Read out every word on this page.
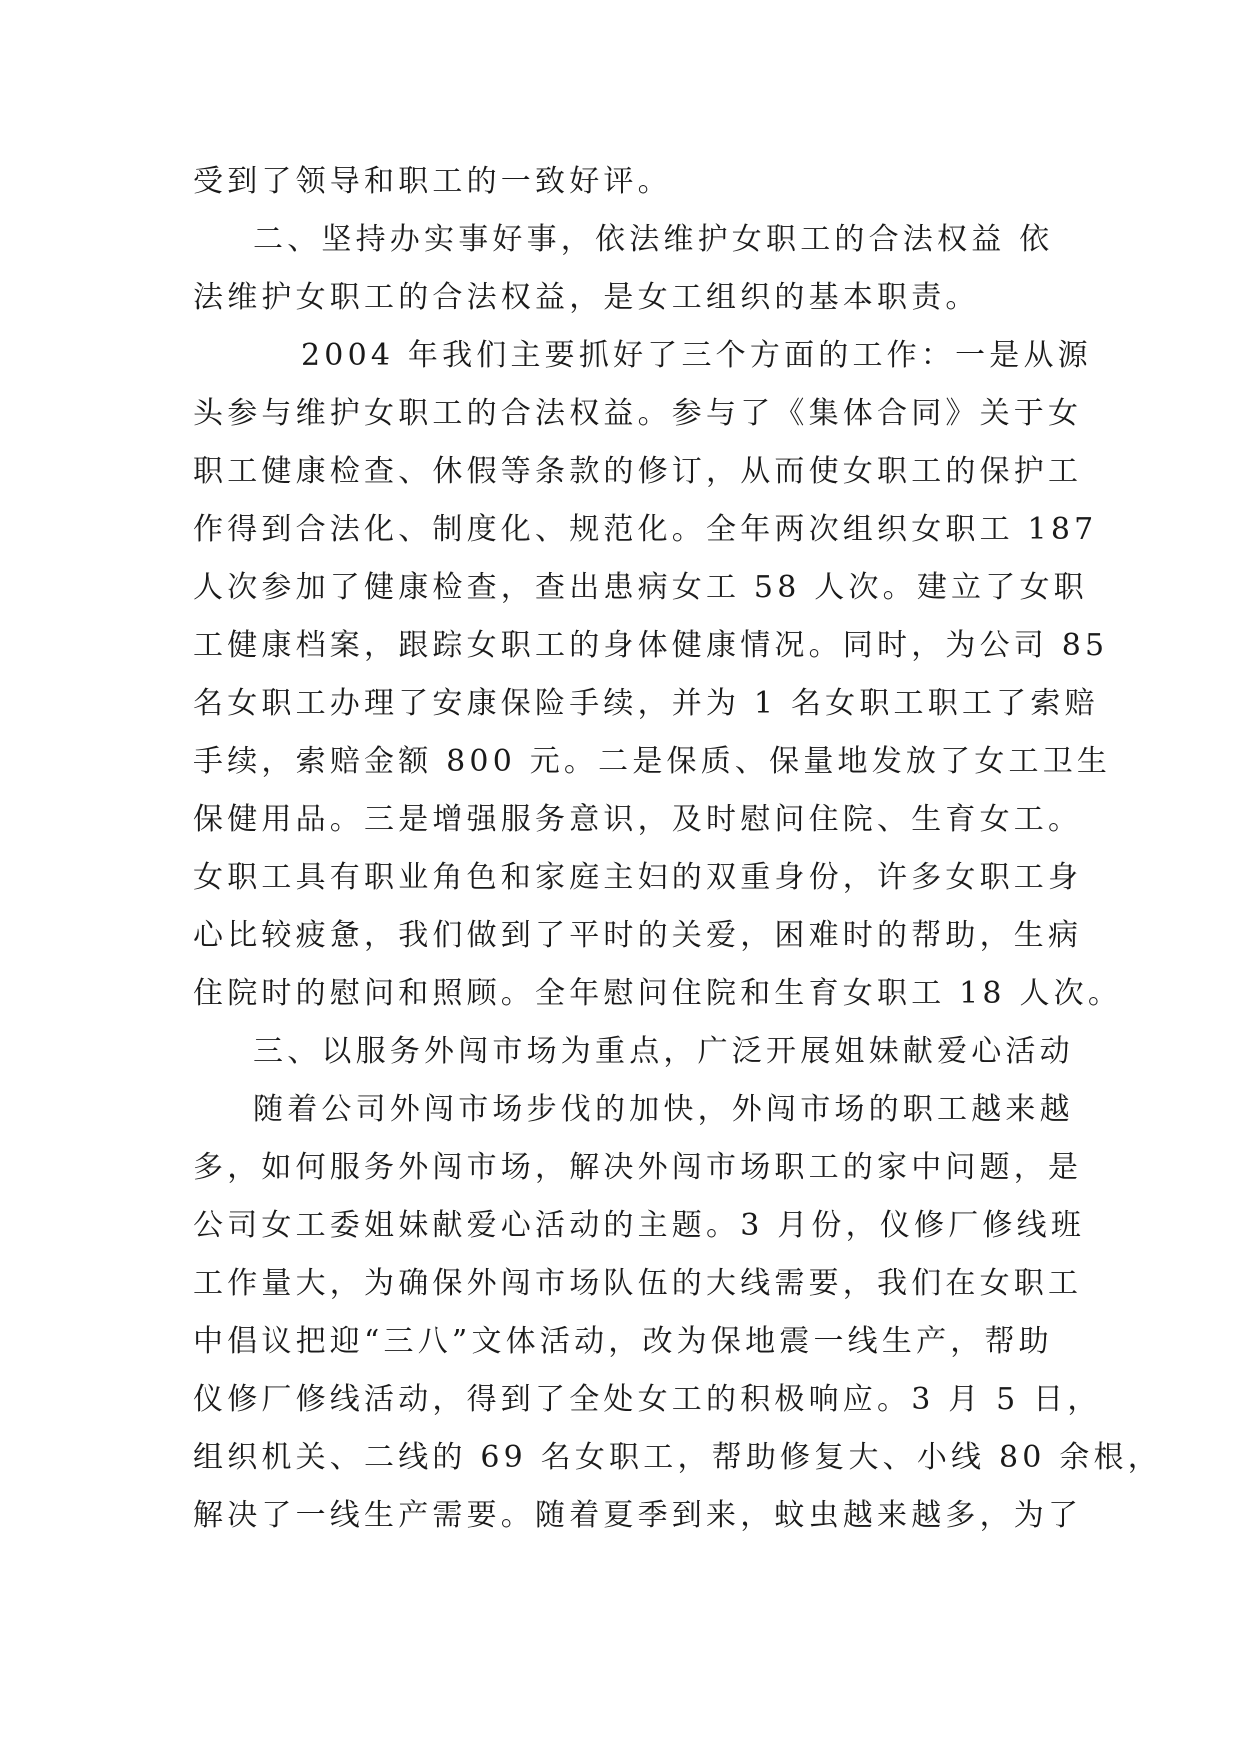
受到了领导和职工的一致好评。
二、坚持办实事好事，依法维护女职工的合法权益 依
法维护女职工的合法权益，是女工组织的基本职责。
2004 年我们主要抓好了三个方面的工作：一是从源
头参与维护女职工的合法权益。参与了《集体合同》关于女
职工健康检查、休假等条款的修订，从而使女职工的保护工
作得到合法化、制度化、规范化。全年两次组织女职工 187
人次参加了健康检查，查出患病女工 58 人次。建立了女职
工健康档案，跟踪女职工的身体健康情况。同时，为公司 85
名女职工办理了安康保险手续，并为 1 名女职工职工了索赔
手续，索赔金额 800 元。二是保质、保量地发放了女工卫生
保健用品。三是增强服务意识，及时慰问住院、生育女工。
女职工具有职业角色和家庭主妇的双重身份，许多女职工身
心比较疲惫，我们做到了平时的关爱，困难时的帮助，生病
住院时的慰问和照顾。全年慰问住院和生育女职工 18 人次。
三、以服务外闯市场为重点，广泛开展姐妹献爱心活动
随着公司外闯市场步伐的加快，外闯市场的职工越来越
多，如何服务外闯市场，解决外闯市场职工的家中问题，是
公司女工委姐妹献爱心活动的主题。3 月份，仪修厂修线班
工作量大，为确保外闯市场队伍的大线需要，我们在女职工
中倡议把迎“三八”文体活动，改为保地震一线生产，帮助
仪修厂修线活动，得到了全处女工的积极响应。3 月 5 日，
组织机关、二线的 69 名女职工，帮助修复大、小线 80 余根，
解决了一线生产需要。随着夏季到来，蚊虫越来越多，为了
